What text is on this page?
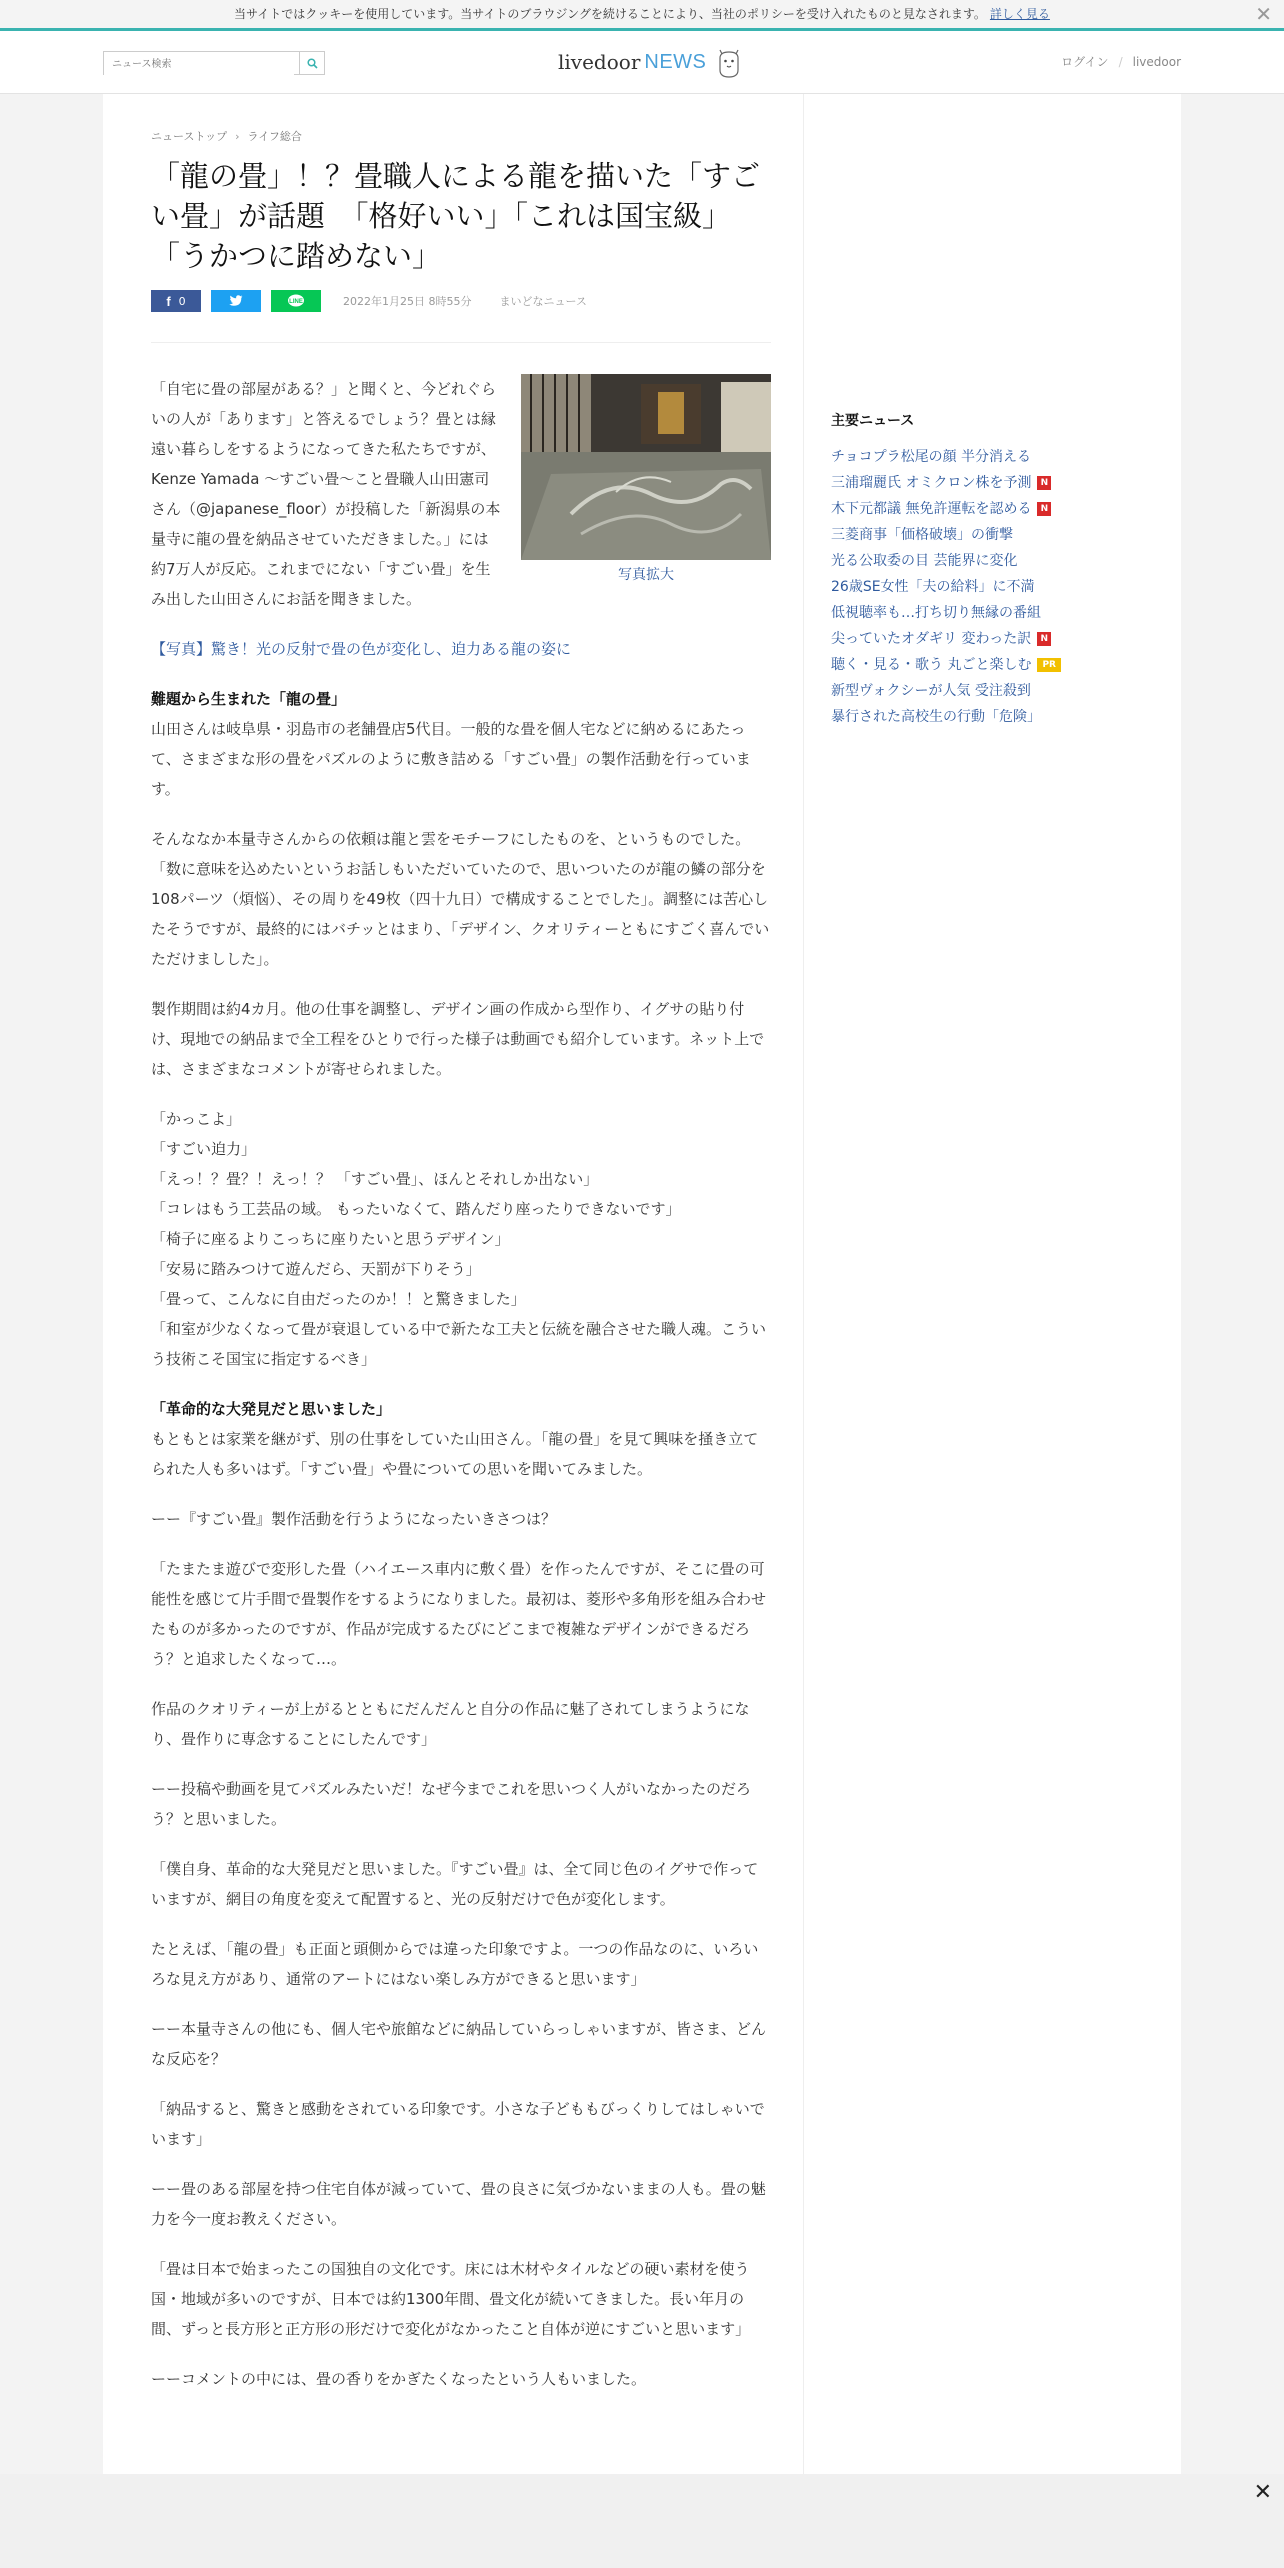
当サイトではクッキーを使用しています。当サイトのブラウジングを続けることにより、当社のポリシーを受け入れたものと見なされます。 詳しく見る	✕
ニュース検索
livedoor NEWS	ログイン / livedoor
ニューストップ › ライフ総合
「龍の畳」！？畳職人による龍を描いた「すごい畳」が話題　「格好いい」「これは国宝級」「うかつに踏めない」
f 0	LINE	2022年1月25日 8時55分	まいどなニュース
写真拡大

「自宅に畳の部屋がある？」と聞くと、今どれぐらいの人が「あります」と答えるでしょう？畳とは縁遠い暮らしをするようになってきた私たちですが、Kenze Yamada ～すごい畳～こと畳職人山田憲司さん（@japanese_floor）が投稿した「新潟県の本量寺に龍の畳を納品させていただきました。」には約7万人が反応。これまでにない「すごい畳」を生み出した山田さんにお話を聞きました。

【写真】驚き！光の反射で畳の色が変化し、迫力ある龍の姿に

難題から生まれた「龍の畳」

山田さんは岐阜県・羽島市の老舗畳店5代目。一般的な畳を個人宅などに納めるにあたって、さまざまな形の畳をパズルのように敷き詰める「すごい畳」の製作活動を行っています。

そんななか本量寺さんからの依頼は龍と雲をモチーフにしたものを、というものでした。「数に意味を込めたいというお話しもいただいていたので、思いついたのが龍の鱗の部分を108パーツ（煩悩）、その周りを49枚（四十九日）で構成することでした」。調整には苦心したそうですが、最終的にはバチッとはまり、「デザイン、クオリティーともにすごく喜んでいただけましした」。

製作期間は約4カ月。他の仕事を調整し、デザイン画の作成から型作り、イグサの貼り付け、現地での納品まで全工程をひとりで行った様子は動画でも紹介しています。ネット上では、さまざまなコメントが寄せられました。

「かっこよ」
「すごい迫力」
「えっ！？畳？！えっ！？ 「すごい畳」、ほんとそれしか出ない」
「コレはもう工芸品の域。 もったいなくて、踏んだり座ったりできないです」
「椅子に座るよりこっちに座りたいと思うデザイン」
「安易に踏みつけて遊んだら、天罰が下りそう」
「畳って、こんなに自由だったのか！！と驚きました」
「和室が少なくなって畳が衰退している中で新たな工夫と伝統を融合させた職人魂。こういう技術こそ国宝に指定するべき」

「革命的な大発見だと思いました」

もともとは家業を継がず、別の仕事をしていた山田さん。「龍の畳」を見て興味を掻き立てられた人も多いはず。「すごい畳」や畳についての思いを聞いてみました。

ーー『すごい畳』製作活動を行うようになったいきさつは？

「たまたま遊びで変形した畳（ハイエース車内に敷く畳）を作ったんですが、そこに畳の可能性を感じて片手間で畳製作をするようになりました。最初は、菱形や多角形を組み合わせたものが多かったのですが、作品が完成するたびにどこまで複雑なデザインができるだろう？と追求したくなって…。

作品のクオリティーが上がるとともにだんだんと自分の作品に魅了されてしまうようになり、畳作りに専念することにしたんです」

ーー投稿や動画を見てパズルみたいだ！なぜ今までこれを思いつく人がいなかったのだろう？と思いました。

「僕自身、革命的な大発見だと思いました。『すごい畳』は、全て同じ色のイグサで作っていますが、網目の角度を変えて配置すると、光の反射だけで色が変化します。

たとえば、「龍の畳」も正面と頭側からでは違った印象ですよ。一つの作品なのに、いろいろな見え方があり、通常のアートにはない楽しみ方ができると思います」

ーー本量寺さんの他にも、個人宅や旅館などに納品していらっしゃいますが、皆さま、どんな反応を？

「納品すると、驚きと感動をされている印象です。小さな子どももびっくりしてはしゃいでいます」

ーー畳のある部屋を持つ住宅自体が減っていて、畳の良さに気づかないままの人も。畳の魅力を今一度お教えください。

「畳は日本で始まったこの国独自の文化です。床には木材やタイルなどの硬い素材を使う国・地域が多いのですが、日本では約1300年間、畳文化が続いてきました。長い年月の間、ずっと長方形と正方形の形だけで変化がなかったこと自体が逆にすごいと思います」

ーーコメントの中には、畳の香りをかぎたくなったという人もいました。

主要ニュース
チョコプラ松尾の顔 半分消える
三浦瑠麗氏 オミクロン株を予測	N
木下元都議 無免許運転を認める	N
三菱商事「価格破壊」の衝撃
光る公取委の目 芸能界に変化
26歳SE女性「夫の給料」に不満
低視聴率も…打ち切り無縁の番組
尖っていたオダギリ 変わった訳	N
聴く・見る・歌う 丸ごと楽しむ	PR
新型ヴォクシーが人気 受注殺到
暴行された高校生の行動「危険」
✕
